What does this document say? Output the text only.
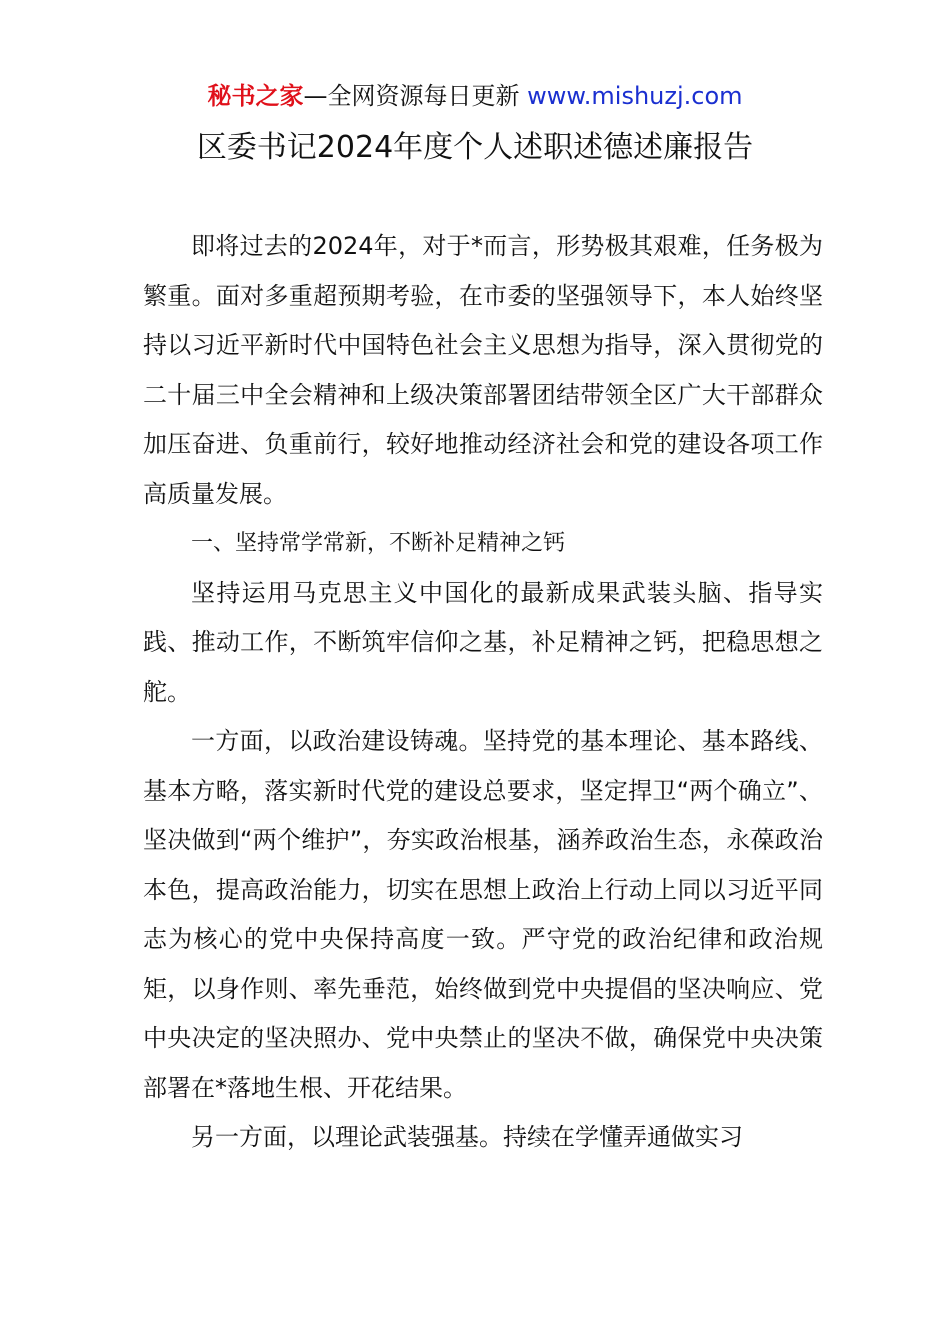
秘书之家—全网资源每日更新 www.mishuzj.com
区委书记2024年度个人述职述德述廉报告

即将过去的2024年，对于*而言，形势极其艰难，任务极为繁重。面对多重超预期考验，在市委的坚强领导下，本人始终坚持以习近平新时代中国特色社会主义思想为指导，深入贯彻党的二十届三中全会精神和上级决策部署团结带领全区广大干部群众加压奋进、负重前行，较好地推动经济社会和党的建设各项工作高质量发展。

一、坚持常学常新，不断补足精神之钙

坚持运用马克思主义中国化的最新成果武装头脑、指导实践、推动工作，不断筑牢信仰之基，补足精神之钙，把稳思想之舵。

一方面，以政治建设铸魂。坚持党的基本理论、基本路线、基本方略，落实新时代党的建设总要求，坚定捍卫“两个确立”、坚决做到“两个维护”，夯实政治根基，涵养政治生态，永葆政治本色，提高政治能力，切实在思想上政治上行动上同以习近平同志为核心的党中央保持高度一致。严守党的政治纪律和政治规矩，以身作则、率先垂范，始终做到党中央提倡的坚决响应、党中央决定的坚决照办、党中央禁止的坚决不做，确保党中央决策部署在*落地生根、开花结果。

另一方面，以理论武装强基。持续在学懂弄通做实习
